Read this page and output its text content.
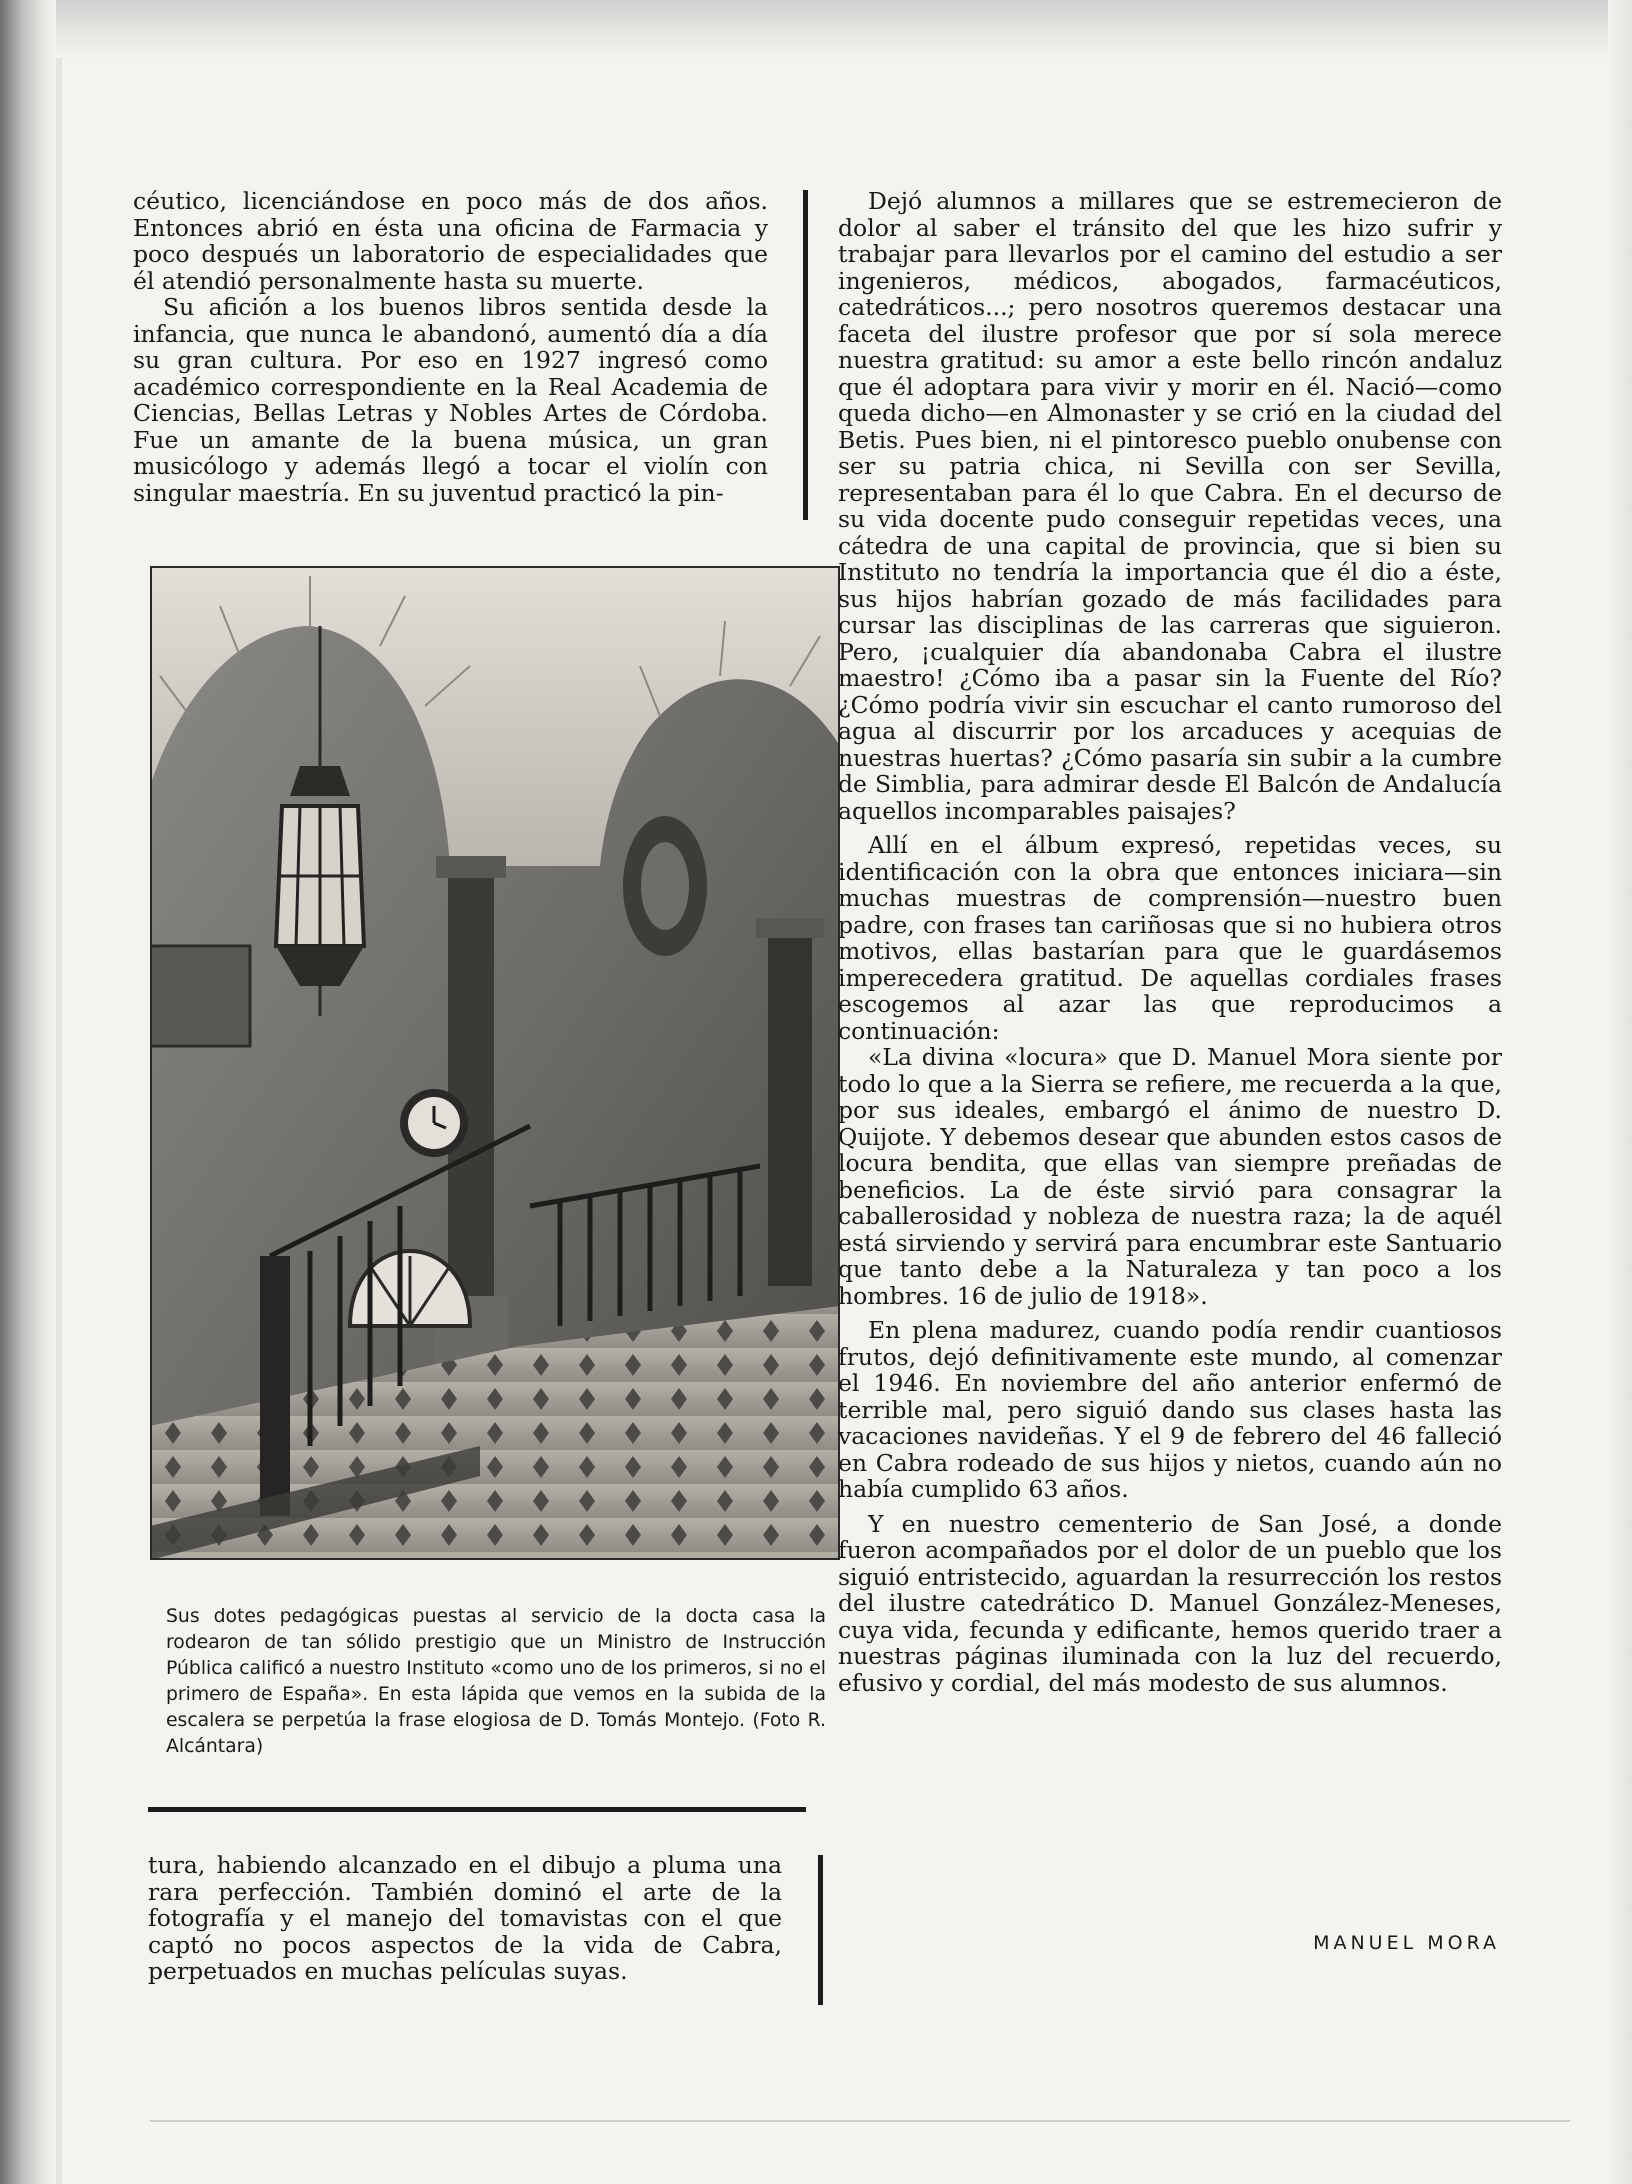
céutico, licenciándose en poco más de dos años. Entonces abrió en ésta una oficina de Farmacia y poco después un laboratorio de especialidades que él atendió personalmente hasta su muerte.

Su afición a los buenos libros sentida desde la infancia, que nunca le abandonó, aumentó día a día su gran cultura. Por eso en 1927 ingresó como académico correspondiente en la Real Academia de Ciencias, Bellas Letras y Nobles Artes de Córdoba. Fue un amante de la buena música, un gran musicólogo y además llegó a tocar el violín con singular maestría. En su juventud practicó la pin-

Sus dotes pedagógicas puestas al servicio de la docta casa la rodearon de tan sólido prestigio que un Ministro de Instrucción Pública calificó a nuestro Instituto «como uno de los primeros, si no el primero de España». En esta lápida que vemos en la subida de la escalera se perpetúa la frase elogiosa de D. Tomás Montejo. (Foto R. Alcántara)

tura, habiendo alcanzado en el dibujo a pluma una rara perfección. También dominó el arte de la fotografía y el manejo del tomavistas con el que captó no pocos aspectos de la vida de Cabra, perpetuados en muchas películas suyas.

Dejó alumnos a millares que se estremecieron de dolor al saber el tránsito del que les hizo sufrir y trabajar para llevarlos por el camino del estudio a ser ingenieros, médicos, abogados, farmacéuticos, catedráticos...; pero nosotros queremos destacar una faceta del ilustre profesor que por sí sola merece nuestra gratitud: su amor a este bello rincón andaluz que él adoptara para vivir y morir en él. Nació—como queda dicho—en Almonaster y se crió en la ciudad del Betis. Pues bien, ni el pintoresco pueblo onubense con ser su patria chica, ni Sevilla con ser Sevilla, representaban para él lo que Cabra. En el decurso de su vida docente pudo conseguir repetidas veces, una cátedra de una capital de provincia, que si bien su Instituto no tendría la importancia que él dio a éste, sus hijos habrían gozado de más facilidades para cursar las disciplinas de las carreras que siguieron. Pero, ¡cualquier día abandonaba Cabra el ilustre maestro! ¿Cómo iba a pasar sin la Fuente del Río? ¿Cómo podría vivir sin escuchar el canto rumoroso del agua al discurrir por los arcaduces y acequias de nuestras huertas? ¿Cómo pasaría sin subir a la cumbre de Simblia, para admirar desde El Balcón de Andalucía aquellos incomparables paisajes?

Allí en el álbum expresó, repetidas veces, su identificación con la obra que entonces iniciara—sin muchas muestras de comprensión—nuestro buen padre, con frases tan cariñosas que si no hubiera otros motivos, ellas bastarían para que le guardásemos imperecedera gratitud. De aquellas cordiales frases escogemos al azar las que reproducimos a continuación:

«La divina «locura» que D. Manuel Mora siente por todo lo que a la Sierra se refiere, me recuerda a la que, por sus ideales, embargó el ánimo de nuestro D. Quijote. Y debemos desear que abunden estos casos de locura bendita, que ellas van siempre preñadas de beneficios. La de éste sirvió para consagrar la caballerosidad y nobleza de nuestra raza; la de aquél está sirviendo y servirá para encumbrar este Santuario que tanto debe a la Naturaleza y tan poco a los hombres. 16 de julio de 1918».

En plena madurez, cuando podía rendir cuantiosos frutos, dejó definitivamente este mundo, al comenzar el 1946. En noviembre del año anterior enfermó de terrible mal, pero siguió dando sus clases hasta las vacaciones navideñas. Y el 9 de febrero del 46 falleció en Cabra rodeado de sus hijos y nietos, cuando aún no había cumplido 63 años.

Y en nuestro cementerio de San José, a donde fueron acompañados por el dolor de un pueblo que los siguió entristecido, aguardan la resurrección los restos del ilustre catedrático D. Manuel González-Meneses, cuya vida, fecunda y edificante, hemos querido traer a nuestras páginas iluminada con la luz del recuerdo, efusivo y cordial, del más modesto de sus alumnos.

MANUEL MORA
